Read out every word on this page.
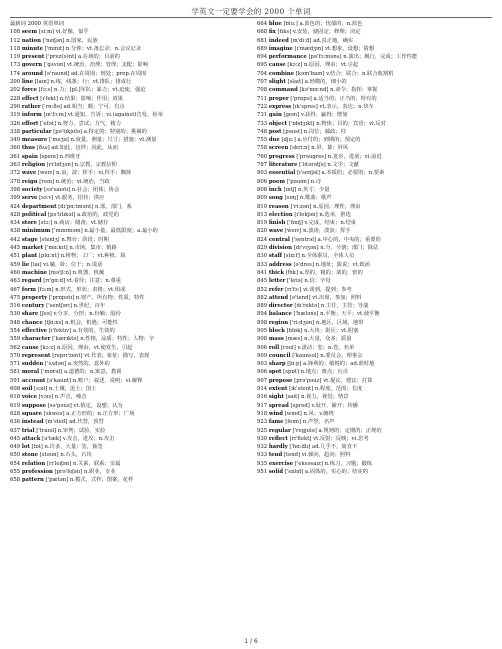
学英文一定要学会的 2000 个单词
最新词 2000 英语单词
108 seem [si:m] vi.好像，似乎
112 nation ['neɪʃən] n.国家，民族
118 minute ['mɪnɪt] n.分钟；vt.备忘录；n.会议记录
119 present ['prez(ə)nt] a.在场的；目前的
173 govern ['gʌvən] vt.统治，治理；管理；支配；影响
174 around [ə'raund] ad.在周围；到处；prep.在周围
200 line [laɪn] n.线，线条；行；vt.排队；排成行
202 force [fɔ:s] n.力；[pl.]军队；暴力；vt.迫使，强迫
228 effect [ɪ'fekt] n.结果；影响；作用；效果
290 rather ['rɑ:ðə] ad.相当；颇；宁可；有点
319 inform [ɪn'fɔ:m] vt.通知，告诉；vi.(against)告发，检举
326 effort ['efət] n.努力，尝试；力气，精力
338 particular [pə'tɪkjʊlə] a.特定的；特别的；挑剔的
340 measure ['meʒə] n.度量，测量；尺寸；措施；vt.测量
360 thus [ðʌs] ad.如此，这样；因此，从而
361 spain [speɪn] n.西班牙
363 religion [rɪ'lɪdʒən] n.宗教，宗教信仰
372 wave [weɪv] n.浪，波；挥手；vi.挥手；飘扬
378 reign [reɪn] n.统治；vi.统治，当政
398 society [sə'saɪətɪ] n.社会；团体；协会
399 serve [sɜ:v] vt.服务，招待；供应
424 department [dɪ'pɑ:tmənt] n.部，部门，系
428 political [pə'lɪtɪkəl] a.政治的，政党的
434 store [stɔ:] n.商店；储备；vt.储存
438 minimum ['mɪnɪməm] n.最小量，最低限度；a.最小的
442 stage [steɪdʒ] n.舞台；阶段；时期
445 market ['mɑ:kɪt] n.市场，集市；销路
451 plant [plɑ:nt] n.植物；工厂；vt.种植，栽
459 lie [laɪ] vi.躺，卧；位于；n.谎话
460 machine [mə'ʃi:n] n.机器，机械
463 regard [rɪ'gɑ:d] vt.看待；注意；n.尊重
467 form [fɔ:m] n.形式，形状；表格；vt.组成
475 property ['prɒpətɪ] n.财产，所有物；性质，特性
516 century ['sentʃərɪ] n.世纪，百年
530 share [ʃeə] v.分享，分担；n.份额；股份
548 chance [tʃɑ:ns] n.机会，机遇；可能性
554 effective [ɪ'fektɪv] a.有效的，生效的
559 character ['kærɪktə] n.性格，品质；特性；人物；字
562 cause [kɔ:z] n.原因，理由；vt.使发生，引起
570 represent [reprɪ'zent] vt.代表；象征；描写，表现
571 sudden ['sʌdən] a.突然的，意外的
581 moral ['mɒrəl] a.道德的；n.寓意，教训
591 account [ə'kaunt] n.账户；叙述，说明；vi.解释
608 soil [sɔɪl] n.土壤，泥土；国土
618 voice [vɔɪs] n.声音，嗓音
619 suppose [sə'pəuz] vt.假定，设想；认为
628 square [skweə] a.正方形的；n.正方形；广场
636 instead [ɪn'sted] ad.代替，顶替
637 trial ['traɪəl] n.审判；试验，实验
645 attack [ə'tæk] v.攻击，进攻；n.攻击
649 lot [lɒt] n.许多，大量；签，抽签
650 stone [stəun] n.石头，石块
654 relation [rɪ'leɪʃən] n.关系，联系；亲属
655 profession [prə'feʃən] n.职业，专业
658 pattern ['pætən] n.模式，式样；图案，花样
664 blue [blu:] a.蓝色的；忧郁的；n.蓝色
668 fix [fɪks] v.安装，使固定；修理；决定
681 indeed [ɪn'di:d] ad.真正地，确实
689 imagine [ɪ'mædʒɪn] vt.想象，设想；猜想
694 performance [pə'fɔ:məns] n.演出；履行，完成；工作性能
695 cause [kɔ:z] n.原因，理由；vt.引起
704 combine [kəm'baɪn] v.结合；联合；n.联合收割机
707 slight [slaɪt] a.轻微的，细小的
708 command [kə'mɑ:nd] n.命令；指挥；掌握
711 proper ['prɒpə] a.适当的；正当的；特有的
722 express [ɪk'spres] vt.表示，表达；n.快车
731 gain [geɪn] v.获得，赢得；增加
733 object ['ɒbdʒɪkt] n.物体；目的；宾语；vi.反对
748 post [pəust] n.岗位；邮政；柱
755 due [dju:] a.应付的；到期的；预定的
758 screen [skri:n] n.屏，幕；屏风
760 progress ['prəugres] n.进步，进展；vi.前进
787 literature ['lɪtərətʃə] n.文学；文献
803 essential [ɪ'senʃəl] a.本质的；必要的；n.要素
806 poem ['pəuɪm] n.诗
808 inch [ɪntʃ] n.英寸；少量
809 song [sɒŋ] n.歌曲；歌声
810 reason ['ri:zən] n.原因；理性；理由
813 election [ɪ'lekʃən] n.选举，推选
819 finish ['fɪnɪʃ] v.完成，结束；n.结束
820 wave [weɪv] n.波涛，波浪；挥手
824 central ['sentrəl] a.中心的，中央的；重要的
829 division [dɪ'vɪʒən] n.分，分割；部门；除法
830 staff [stɑ:f] n.全体职员，全体人员
833 address [ə'dres] n.地址；演说；vt.致函
841 thick [θɪk] a.厚的，粗的；浓的，密的
845 letter ['letə] n.信；字母
852 refer [rɪ'fɜ:] vi.谈到，提到；参考
882 attend [ə'tend] vt.出席，参加；照料
889 director [dɪ'rektə] n.主任，主管；导演
894 balance ['bæləns] n.平衡；天平；vt.使平衡
898 region ['ri:dʒən] n.地区，区域，地带
905 block [blɒk] n.大块；街区；vt.阻塞
908 mass [mæs] n.大量，众多；质量
906 roll [rəul] v.滚动；卷；n.卷，名单
909 council ['kaunsəl] n.委员会，理事会
903 sharp [ʃɑ:p] a.锋利的；敏锐的；ad.准时地
906 spot [spɒt] n.地点；斑点；污点
907 propose [prə'pəuz] vt.提议，建议；打算
914 extent [ɪk'stent] n.程度，范围；长度
916 sight [saɪt] n.视力，视觉；情景
917 spread [spred] v.展开，铺开；传播
918 wind [wɪnd] n.风；v.缠绕
923 fame [feɪm] n.声誉，名声
925 regular ['regjʊlə] a.规则的；定期的；正规的
930 reflect [rɪ'flekt] vt.反射；反映；vi.思考
932 hardly ['hɑ:dlɪ] ad.几乎不，简直不
933 tend [tend] vi.倾向，趋向；照料
935 exercise ['eksəsaɪz] n.练习，习题；锻炼
951 solid ['sɒlɪd] a.固体的，实心的；结实的
1 / 6
